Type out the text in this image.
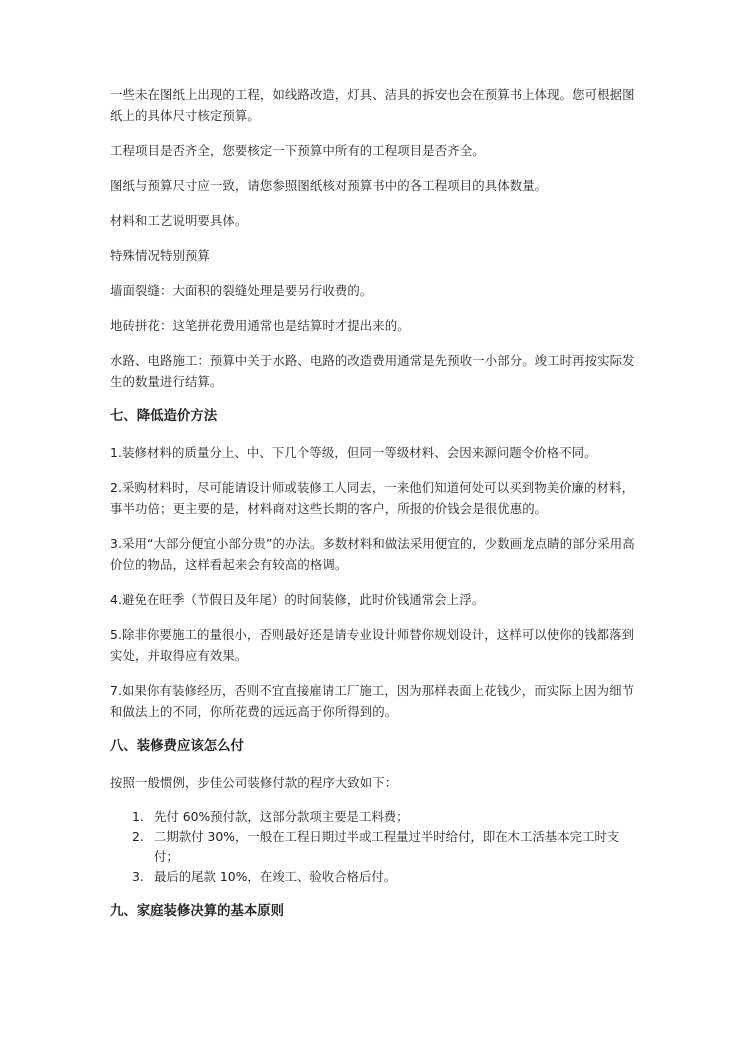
一些未在图纸上出现的工程，如线路改造，灯具、洁具的拆安也会在预算书上体现。您可根据图纸上的具体尺寸核定预算。

工程项目是否齐全，您要核定一下预算中所有的工程项目是否齐全。

图纸与预算尺寸应一致，请您参照图纸核对预算书中的各工程项目的具体数量。

材料和工艺说明要具体。

特殊情况特别预算

墙面裂缝：大面积的裂缝处理是要另行收费的。

地砖拼花：这笔拼花费用通常也是结算时才提出来的。

水路、电路施工：预算中关于水路、电路的改造费用通常是先预收一小部分。竣工时再按实际发生的数量进行结算。

七、降低造价方法

1.装修材料的质量分上、中、下几个等级，但同一等级材料、会因来源问题令价格不同。

2.采购材料时，尽可能请设计师或装修工人同去，一来他们知道何处可以买到物美价廉的材料，事半功倍；更主要的是，材料商对这些长期的客户，所报的价钱会是很优惠的。

3.采用“大部分便宜小部分贵”的办法。多数材料和做法采用便宜的，少数画龙点睛的部分采用高价位的物品，这样看起来会有较高的格调。

4.避免在旺季（节假日及年尾）的时间装修，此时价钱通常会上浮。

5.除非你要施工的量很小，否则最好还是请专业设计师替你规划设计，这样可以使你的钱都落到实处，并取得应有效果。

7.如果你有装修经历，否则不宜直接雇请工厂施工，因为那样表面上花钱少，而实际上因为细节和做法上的不同，你所花费的远远高于你所得到的。

八、装修费应该怎么付

按照一般惯例，步佳公司装修付款的程序大致如下：

1. 先付 60%预付款，这部分款项主要是工料费；
2. 二期款付 30%，一般在工程日期过半或工程量过半时给付，即在木工活基本完工时支付；
3. 最后的尾款 10%，在竣工、验收合格后付。
九、家庭装修决算的基本原则
